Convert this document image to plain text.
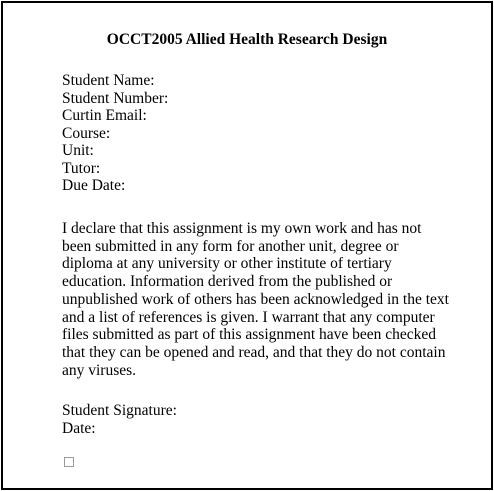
OCCT2005 Allied Health Research Design
Student Name:
Student Number:
Curtin Email:
Course:
Unit:
Tutor:
Due Date:

I declare that this assignment is my own work and has not
been submitted in any form for another unit, degree or
diploma at any university or other institute of tertiary
education. Information derived from the published or
unpublished work of others has been acknowledged in the text
and a list of references is given. I warrant that any computer
files submitted as part of this assignment have been checked
that they can be opened and read, and that they do not contain
any viruses.

Student Signature:
Date:
